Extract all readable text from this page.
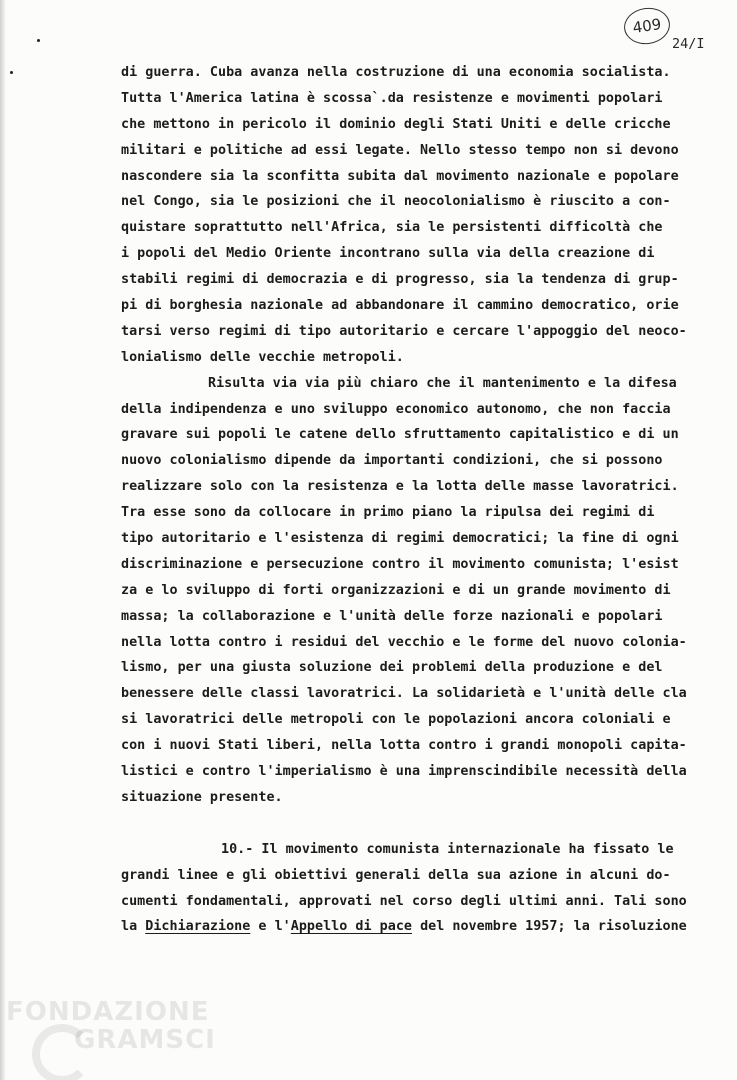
409
24/I
di guerra. Cuba avanza nella costruzione di una economia socialista.
Tutta l'America latina è scossa`.da resistenze e movimenti popolari
che mettono in pericolo il dominio degli Stati Uniti e delle cricche
militari e politiche ad essi legate. Nello stesso tempo non si devono
nascondere sia la sconfitta subita dal movimento nazionale e popolare
nel Congo, sia le posizioni che il neocolonialismo è riuscito a con-
quistare soprattutto nell'Africa, sia le persistenti difficoltà che
i popoli del Medio Oriente incontrano sulla via della creazione di
stabili regimi di democrazia e di progresso, sia la tendenza di grup-
pi di borghesia nazionale ad abbandonare il cammino democratico, orie
tarsi verso regimi di tipo autoritario e cercare l'appoggio del neoco-
lonialismo delle vecchie metropoli.
Risulta via via più chiaro che il mantenimento e la difesa
della indipendenza e uno sviluppo economico autonomo, che non faccia
gravare sui popoli le catene dello sfruttamento capitalistico e di un
nuovo colonialismo dipende da importanti condizioni, che si possono
realizzare solo con la resistenza e la lotta delle masse lavoratrici.
Tra esse sono da collocare in primo piano la ripulsa dei regimi di
tipo autoritario e l'esistenza di regimi democratici; la fine di ogni
discriminazione e persecuzione contro il movimento comunista; l'esist
za e lo sviluppo di forti organizzazioni e di un grande movimento di
massa; la collaborazione e l'unità delle forze nazionali e popolari
nella lotta contro i residui del vecchio e le forme del nuovo colonia-
lismo, per una giusta soluzione dei problemi della produzione e del
benessere delle classi lavoratrici. La solidarietà e l'unità delle cla
si lavoratrici delle metropoli con le popolazioni ancora coloniali e
con i nuovi Stati liberi, nella lotta contro i grandi monopoli capita-
listici e contro l'imperialismo è una imprenscindibile necessità della
situazione presente.
10.- Il movimento comunista internazionale ha fissato le
grandi linee e gli obiettivi generali della sua azione in alcuni do-
cumenti fondamentali, approvati nel corso degli ultimi anni. Tali sono
la Dichiarazione e l'Appello di pace del novembre 1957; la risoluzione
FONDAZIONE
GRAMSCI
